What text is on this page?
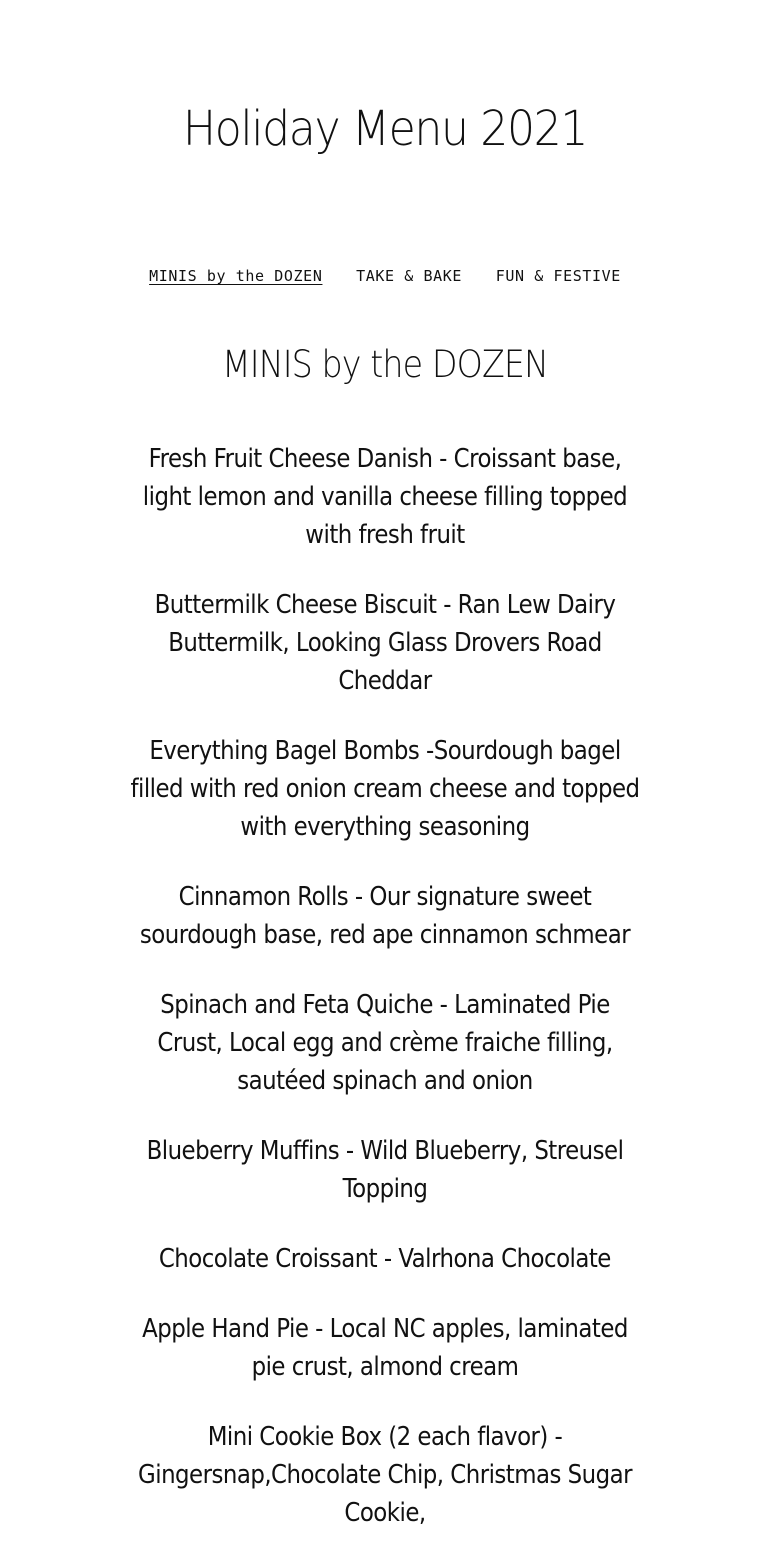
Holiday Menu 2021
MINIS by the DOZEN TAKE & BAKE FUN & FESTIVE
MINIS by the DOZEN

Fresh Fruit Cheese Danish - Croissant base, light lemon and vanilla cheese filling topped with fresh fruit

Buttermilk Cheese Biscuit - Ran Lew Dairy Buttermilk, Looking Glass Drovers Road Cheddar

Everything Bagel Bombs -Sourdough bagel filled with red onion cream cheese and topped with everything seasoning

Cinnamon Rolls - Our signature sweet sourdough base, red ape cinnamon schmear

Spinach and Feta Quiche - Laminated Pie Crust, Local egg and crème fraiche filling, sautéed spinach and onion

Blueberry Muffins - Wild Blueberry, Streusel Topping

Chocolate Croissant - Valrhona Chocolate

Apple Hand Pie - Local NC apples, laminated pie crust, almond cream

Mini Cookie Box (2 each flavor) - Gingersnap,Chocolate Chip, Christmas Sugar Cookie,
